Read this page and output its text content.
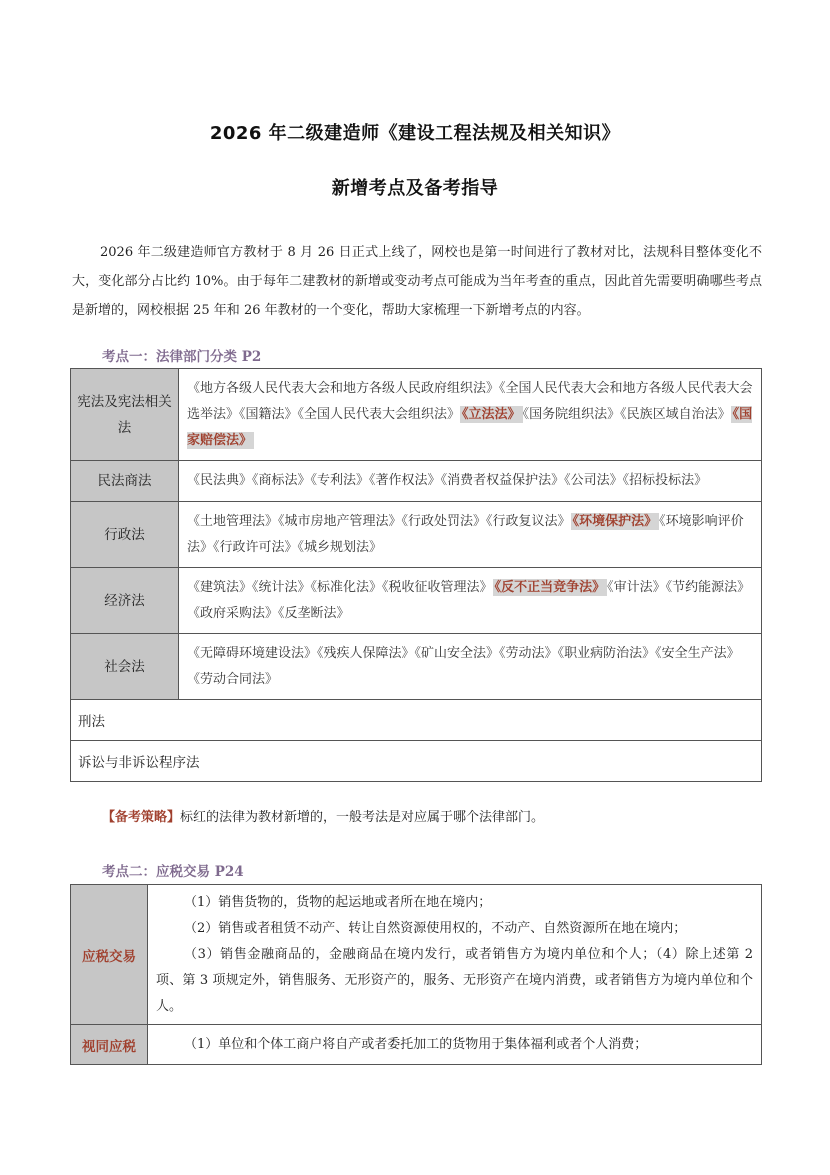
2026 年二级建造师《建设工程法规及相关知识》
新增考点及备考指导

2026 年二级建造师官方教材于 8 月 26 日正式上线了，网校也是第一时间进行了教材对比，法规科目整体变化不大，变化部分占比约 10%。由于每年二建教材的新增或变动考点可能成为当年考查的重点，因此首先需要明确哪些考点是新增的，网校根据 25 年和 26 年教材的一个变化，帮助大家梳理一下新增考点的内容。

考点一：法律部门分类 P2
宪法及宪法相关法	《地方各级人民代表大会和地方各级人民政府组织法》《全国人民代表大会和地方各级人民代表大会选举法》《国籍法》《全国人民代表大会组织法》 《立法法》 《国务院组织法》《民族区域自治法》 《国家赔偿法》
民法商法	《民法典》《商标法》《专利法》《著作权法》《消费者权益保护法》《公司法》《招标投标法》
行政法	《土地管理法》《城市房地产管理法》《行政处罚法》《行政复议法》 《环境保护法》 《环境影响评价法》《行政许可法》《城乡规划法》
经济法	《建筑法》《统计法》《标准化法》《税收征收管理法》 《反不正当竞争法》 《审计法》《节约能源法》《政府采购法》《反垄断法》
社会法	《无障碍环境建设法》《残疾人保障法》《矿山安全法》《劳动法》《职业病防治法》《安全生产法》《劳动合同法》
刑法	
诉讼与非诉讼程序法	

【备考策略】标红的法律为教材新增的，一般考法是对应属于哪个法律部门。

考点二：应税交易 P24
应税交易	（1）销售货物的，货物的起运地或者所在地在境内；

（2）销售或者租赁不动产、转让自然资源使用权的，不动产、自然资源所在地在境内；

（3）销售金融商品的，金融商品在境内发行，或者销售方为境内单位和个人；（4）除上述第 2 项、第 3 项规定外，销售服务、无形资产的，服务、无形资产在境内消费，或者销售方为境内单位和个人。

视同应税	（1）单位和个体工商户将自产或者委托加工的货物用于集体福利或者个人消费；
